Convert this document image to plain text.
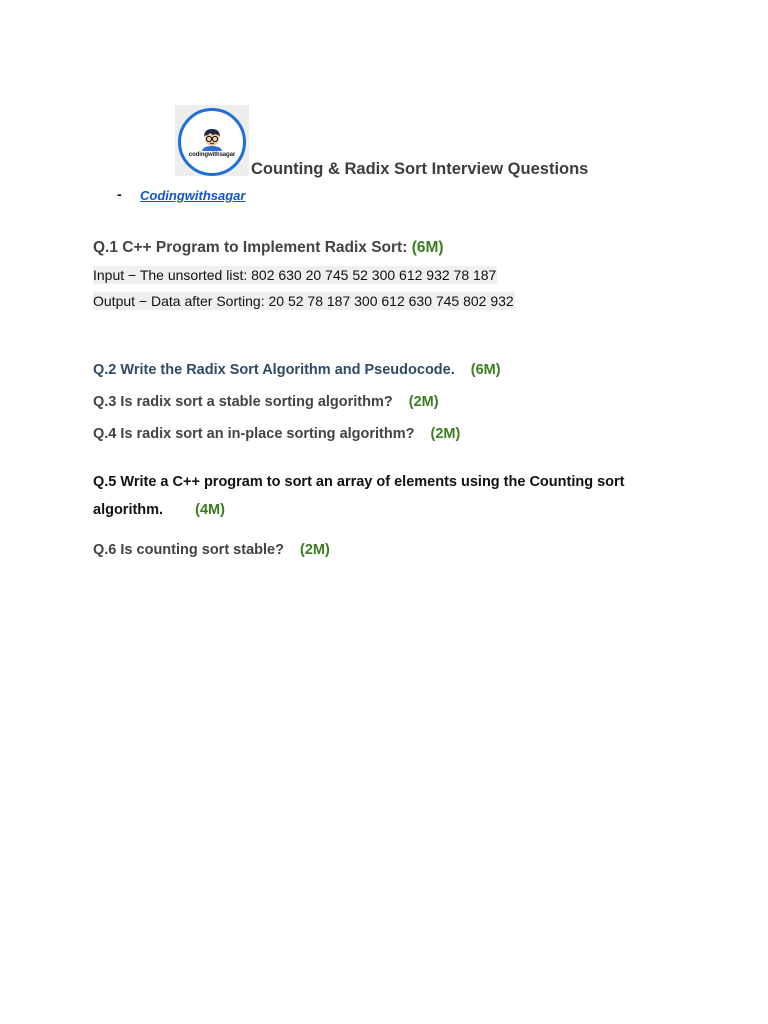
codingwithsagar
Counting & Radix Sort Interview Questions
- Codingwithsagar
Q.1 C++ Program to Implement Radix Sort: (6M)
Input − The unsorted list: 802 630 20 745 52 300 612 932 78 187
Output − Data after Sorting: 20 52 78 187 300 612 630 745 802 932
Q.2 Write the Radix Sort Algorithm and Pseudocode. (6M)
Q.3 Is radix sort a stable sorting algorithm? (2M)
Q.4 Is radix sort an in-place sorting algorithm? (2M)
Q.5 Write a C++ program to sort an array of elements using the Counting sort algorithm. (4M)
Q.6 Is counting sort stable? (2M)
